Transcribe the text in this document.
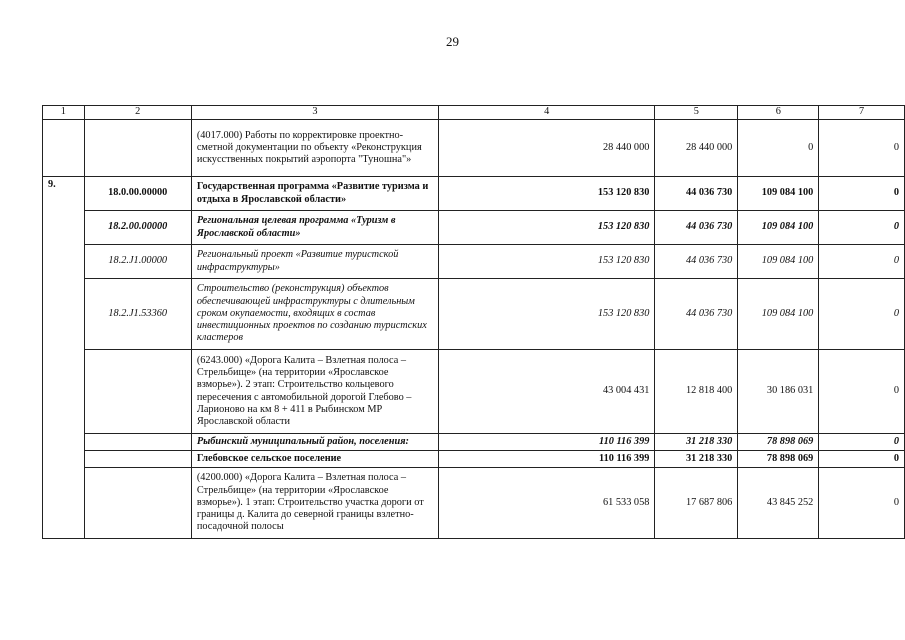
29
1	2	3	4	5	6	7
		(4017.000) Работы по корректировке проектно-сметной документации по объекту «Реконструкция искусственных покрытий аэропорта "Туношна"»	28 440 000	28 440 000	0	0
9.	18.0.00.00000	Государственная программа «Развитие туризма и отдыха в Ярославской области»	153 120 830	44 036 730	109 084 100	0
	18.2.00.00000	Региональная целевая программа «Туризм в Ярославской области»	153 120 830	44 036 730	109 084 100	0
	18.2.J1.00000	Региональный проект «Развитие туристской инфраструктуры»	153 120 830	44 036 730	109 084 100	0
	18.2.J1.53360	Строительство (реконструкция) объектов обеспечивающей инфраструктуры с длительным сроком окупаемости, входящих в состав инвестиционных проектов по созданию туристских кластеров	153 120 830	44 036 730	109 084 100	0
		(6243.000) «Дорога Калита – Взлетная полоса – Стрельбище» (на территории «Ярославское взморье»). 2 этап: Строительство кольцевого пересечения с автомобильной дорогой Глебово – Ларионово на км 8 + 411 в Рыбинском МР Ярославской области	43 004 431	12 818 400	30 186 031	0
		Рыбинский муниципальный район, поселения:	110 116 399	31 218 330	78 898 069	0
		Глебовское сельское поселение	110 116 399	31 218 330	78 898 069	0
		(4200.000) «Дорога Калита – Взлетная полоса – Стрельбище» (на территории «Ярославское взморье»). 1 этап: Строительство участка дороги от границы д. Калита до северной границы взлетно-посадочной полосы	61 533 058	17 687 806	43 845 252	0
